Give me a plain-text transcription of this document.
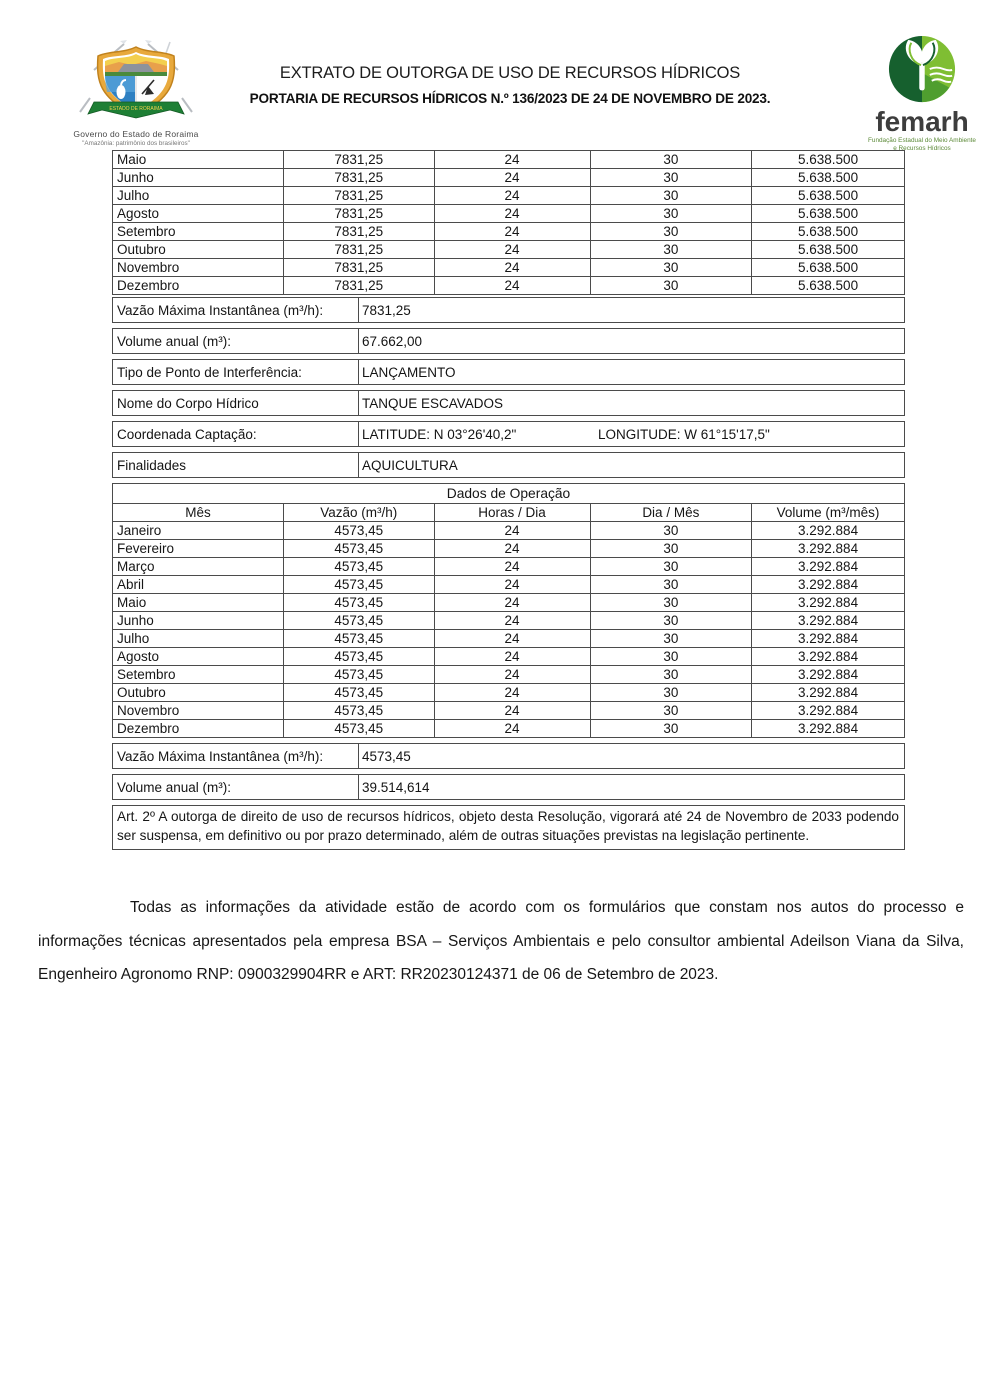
ESTADO DE RORAIMA
Governo do Estado de Roraima
"Amazônia: patrimônio dos brasileiros"
EXTRATO DE OUTORGA DE USO DE RECURSOS HÍDRICOS
PORTARIA DE RECURSOS HÍDRICOS N.º 136/2023 DE 24 DE NOVEMBRO DE 2023.
femarh
Fundação Estadual do Meio Ambiente
e Recursos Hídricos
Maio	7831,25	24	30	5.638.500
Junho	7831,25	24	30	5.638.500
Julho	7831,25	24	30	5.638.500
Agosto	7831,25	24	30	5.638.500
Setembro	7831,25	24	30	5.638.500
Outubro	7831,25	24	30	5.638.500
Novembro	7831,25	24	30	5.638.500
Dezembro	7831,25	24	30	5.638.500
Vazão Máxima Instantânea (m³/h):	7831,25
Volume anual (m³):	67.662,00
Tipo de Ponto de Interferência:	LANÇAMENTO
Nome do Corpo Hídrico	TANQUE ESCAVADOS
Coordenada Captação:	LATITUDE: N 03°26'40,2"	LONGITUDE: W 61°15'17,5"
Finalidades	AQUICULTURA
Dados de Operação				
Mês	Vazão (m³/h)	Horas / Dia	Dia / Mês	Volume (m³/mês)
Janeiro	4573,45	24	30	3.292.884
Fevereiro	4573,45	24	30	3.292.884
Março	4573,45	24	30	3.292.884
Abril	4573,45	24	30	3.292.884
Maio	4573,45	24	30	3.292.884
Junho	4573,45	24	30	3.292.884
Julho	4573,45	24	30	3.292.884
Agosto	4573,45	24	30	3.292.884
Setembro	4573,45	24	30	3.292.884
Outubro	4573,45	24	30	3.292.884
Novembro	4573,45	24	30	3.292.884
Dezembro	4573,45	24	30	3.292.884
Vazão Máxima Instantânea (m³/h):	4573,45
Volume anual (m³):	39.514,614
Art. 2º A outorga de direito de uso de recursos hídricos, objeto desta Resolução, vigorará até 24 de Novembro de 2033 podendo ser suspensa, em definitivo ou por prazo determinado, além de outras situações previstas na legislação pertinente.
Todas as informações da atividade estão de acordo com os formulários que constam nos autos do processo e informações técnicas apresentados pela empresa BSA – Serviços Ambientais e pelo consultor ambiental Adeilson Viana da Silva, Engenheiro Agronomo RNP: 0900329904RR e ART: RR20230124371 de 06 de Setembro de 2023.
